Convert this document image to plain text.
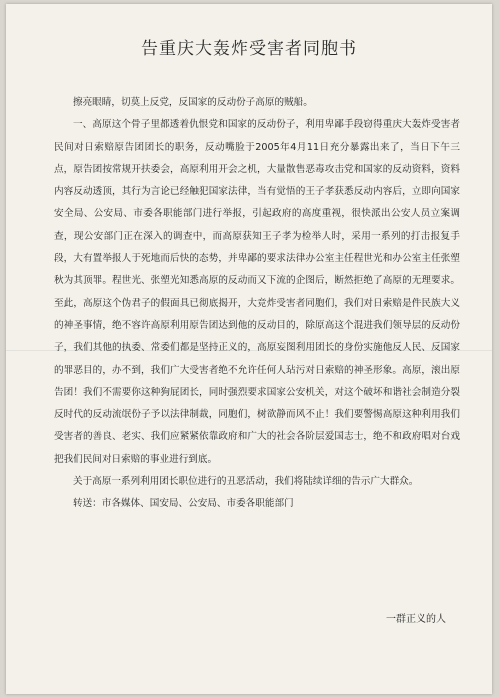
告重庆大轰炸受害者同胞书

擦亮眼睛，切莫上反党，反国家的反动份子高原的贼船。

一、高原这个骨子里都透着仇恨党和国家的反动份子，利用卑鄙手段窃得重庆大轰炸受害者民间对日索赔原告团团长的职务，反动嘴脸于2005年4月11日充分暴露出来了，当日下午三点，原告团按常规开扶委会，高原利用开会之机，大量散售恶毒攻击党和国家的反动资料，资料内容反动透顶，其行为言论已经触犯国家法律，当有觉悟的王子孝获悉反动内容后，立即向国家安全局、公安局、市委各职能部门进行举报，引起政府的高度重视，很快派出公安人员立案调查，现公安部门正在深入的调查中，而高原获知王子孝为检举人时，采用一系列的打击报复手段，大有置举报人于死地而后快的态势，并卑鄙的要求法律办公室主任程世光和办公室主任张塑秋为其顶罪。程世光、张塑光知悉高原的反动而又下流的企图后，断然拒绝了高原的无理要求。至此，高原这个伪君子的假面具已彻底揭开，大竞炸受害者同胞们，我们对日索赔是件民族大义的神圣事情，绝不容许高原利用原告团达到他的反动目的，除原高这个混进我们领导层的反动份子，我们其他的执委、常委们都是坚持正义的，高原妄图利用团长的身份实施他反人民、反国家的罪恶目的，办不到，我们广大受害者绝不允许任何人玷污对日索赔的神圣形象。高原，滚出原告团！我们不需要你这种狗屁团长，同时强烈要求国家公安机关，对这个破坏和谐社会制造分裂反时代的反动流氓份子予以法律制裁，同胞们，树欲静而风不止！我们要警惕高原这种利用我们受害者的善良、老实、我们应紧紧依靠政府和广大的社会各阶层爱国志士，绝不和政府唱对台戏把我们民间对日索赔的事业进行到底。

关于高原一系列利用团长职位进行的丑恶活动，我们将陆续详细的告示广大群众。

转送：市各媒体、国安局、公安局、市委各职能部门

一群正义的人
